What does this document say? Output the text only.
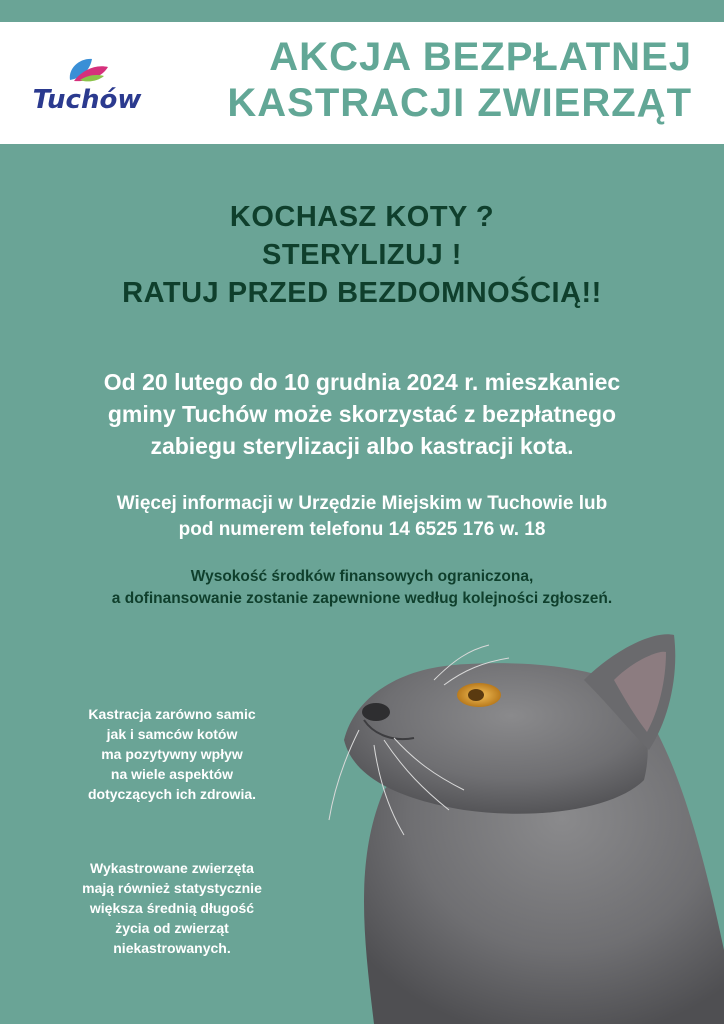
Tuchów
AKCJA BEZPŁATNEJ
KASTRACJI ZWIERZĄT
KOCHASZ KOTY ?
STERYLIZUJ !
RATUJ PRZED BEZDOMNOŚCIĄ!!
Od 20 lutego do 10 grudnia 2024 r. mieszkaniec
gminy Tuchów może skorzystać z bezpłatnego
zabiegu sterylizacji albo kastracji kota.
Więcej informacji w Urzędzie Miejskim w Tuchowie lub
pod numerem telefonu 14 6525 176 w. 18
Wysokość środków finansowych ograniczona,
a dofinansowanie zostanie zapewnione według kolejności zgłoszeń.
Kastracja zarówno samic
jak i samców kotów
ma pozytywny wpływ
na wiele aspektów
dotyczących ich zdrowia.
Wykastrowane zwierzęta
mają również statystycznie
większa średnią długość
życia od zwierząt
niekastrowanych.
